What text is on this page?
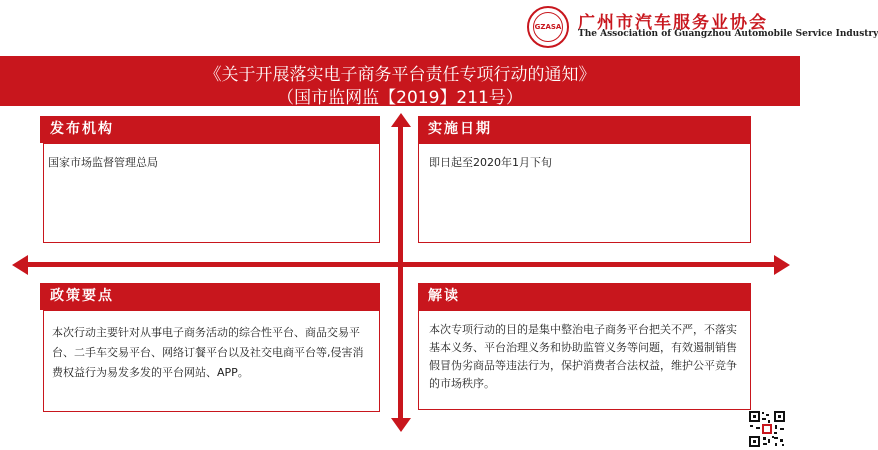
GZASA 广州市汽车服务业协会
The Association of Guangzhou Automobile Service Industry
《关于开展落实电子商务平台责任专项行动的通知》
（国市监网监【2019】211号）
国家市场监督管理总局
发布机构
即日起至2020年1月下旬
实施日期
本次行动主要针对从事电子商务活动的综合性平台、商品交易平台、二手车交易平台、网络订餐平台以及社交电商平台等,侵害消费权益行为易发多发的平台网站、APP。
政策要点
本次专项行动的目的是集中整治电子商务平台把关不严，不落实基本义务、平台治理义务和协助监管义务等问题，有效遏制销售假冒伪劣商品等违法行为，保护消费者合法权益，维护公平竞争的市场秩序。
解读
